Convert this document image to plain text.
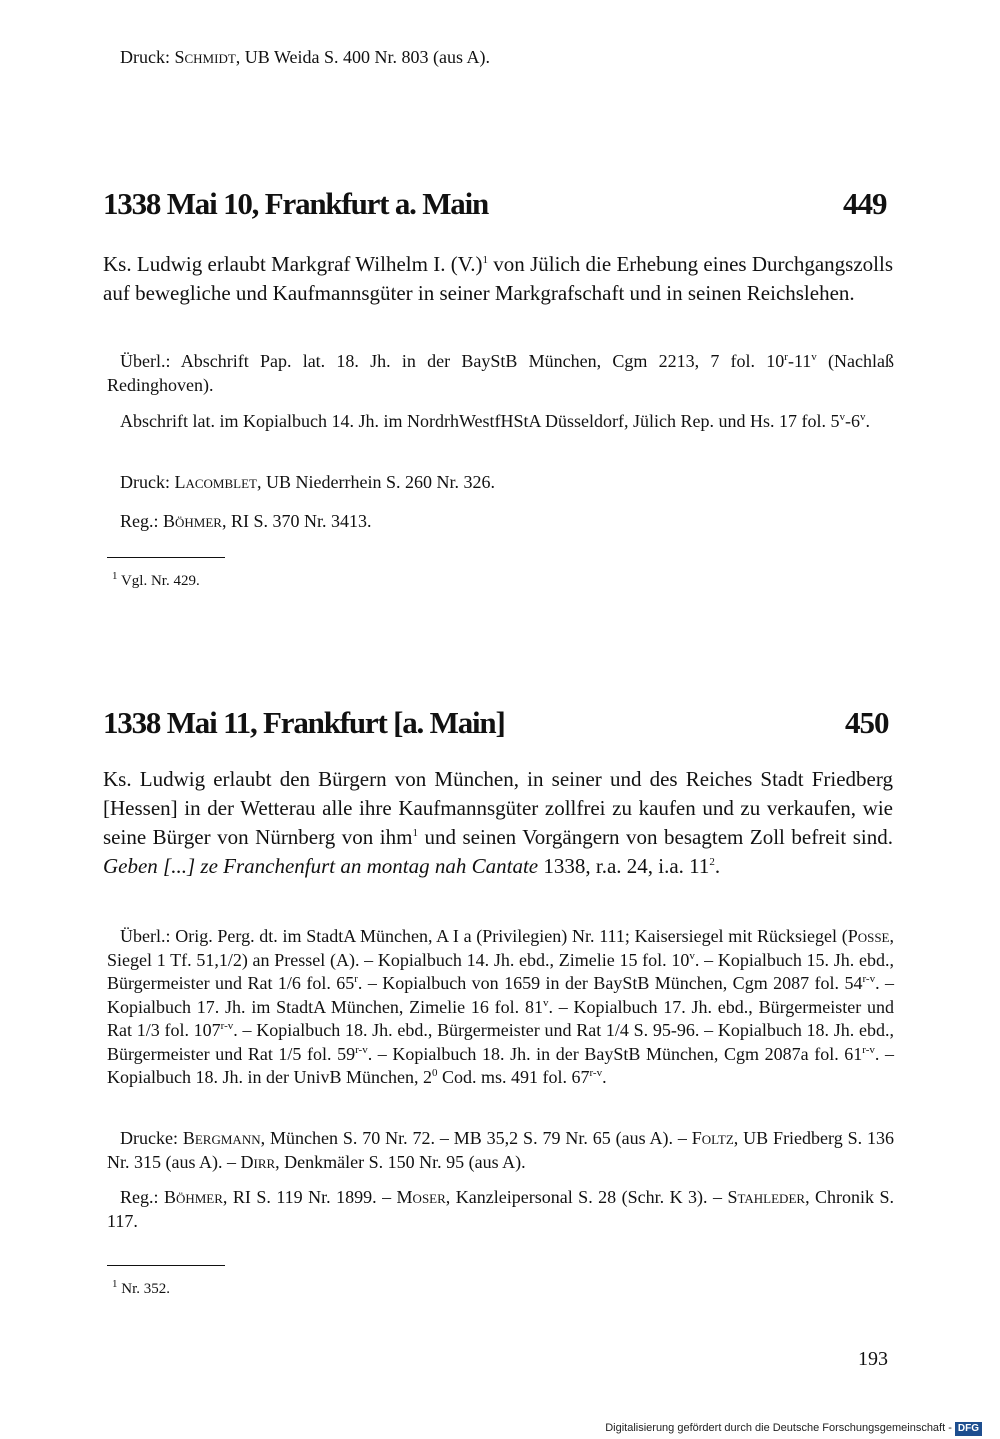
Druck: Schmidt, UB Weida S. 400 Nr. 803 (aus A).
1338 Mai 10, Frankfurt a. Main	449
Ks. Ludwig erlaubt Markgraf Wilhelm I. $(V.)^1$ von Jülich die Erhebung eines Durchgangszolls auf bewegliche und Kaufmannsgüter in seiner Markgrafschaft und in seinen Reichslehen.
Überl.: Abschrift Pap. lat. 18. Jh. in der BayStB München, Cgm 2213, 7 fol. 10$^r$-11$^v$ (Nachlaß Redinghoven).
Abschrift lat. im Kopialbuch 14. Jh. im NordrhWestfHStA Düsseldorf, Jülich Rep. und Hs. 17 fol. 5$^v$-6$^v$.
Druck: Lacomblet, UB Niederrhein S. 260 Nr. 326.
Reg.: Böhmer, RI S. 370 Nr. 3413.
$^1$ Vgl. Nr. 429.
1338 Mai 11, Frankfurt [a. Main]	450
Ks. Ludwig erlaubt den Bürgern von München, in seiner und des Reiches Stadt Friedberg [Hessen] in der Wetterau alle ihre Kaufmannsgüter zollfrei zu kaufen und zu verkaufen, wie seine Bürger von Nürnberg von ihm$^1$ und seinen Vorgängern von besagtem Zoll befreit sind. Geben [...] ze Franchenfurt an montag nah Cantate 1338, r.a. 24, i.a. $11^2$.
Überl.: Orig. Perg. dt. im StadtA München, A I a (Privilegien) Nr. 111; Kaisersiegel mit Rücksiegel (Posse, Siegel 1 Tf. 51,1/2) an Pressel (A). – Kopialbuch 14. Jh. ebd., Zimelie 15 fol. 10$^v$. – Kopialbuch 15. Jh. ebd., Bürgermeister und Rat 1/6 fol. 65$^r$. – Kopialbuch von 1659 in der BayStB München, Cgm 2087 fol. 54$^{r-v}$. – Kopialbuch 17. Jh. im StadtA München, Zimelie 16 fol. 81$^v$. – Kopialbuch 17. Jh. ebd., Bürgermeister und Rat 1/3 fol. 107$^{r-v}$. – Kopialbuch 18. Jh. ebd., Bürgermeister und Rat 1/4 S. 95-96. – Kopialbuch 18. Jh. ebd., Bürgermeister und Rat 1/5 fol. 59$^{r-v}$. – Kopialbuch 18. Jh. in der BayStB München, Cgm 2087a fol. 61$^{r-v}$. – Kopialbuch 18. Jh. in der UnivB München, $2^0$ Cod. ms. 491 fol. 67$^{r-v}$.
Drucke: Bergmann, München S. 70 Nr. 72. – MB 35,2 S. 79 Nr. 65 (aus A). – Foltz, UB Friedberg S. 136 Nr. 315 (aus A). – Dirr, Denkmäler S. 150 Nr. 95 (aus A).
Reg.: Böhmer, RI S. 119 Nr. 1899. – Moser, Kanzleipersonal S. 28 (Schr. K 3). – Stahleder, Chronik S. 117.
$^1$ Nr. 352.
193
Digitalisierung gefördert durch die Deutsche Forschungsgemeinschaft - DFG
